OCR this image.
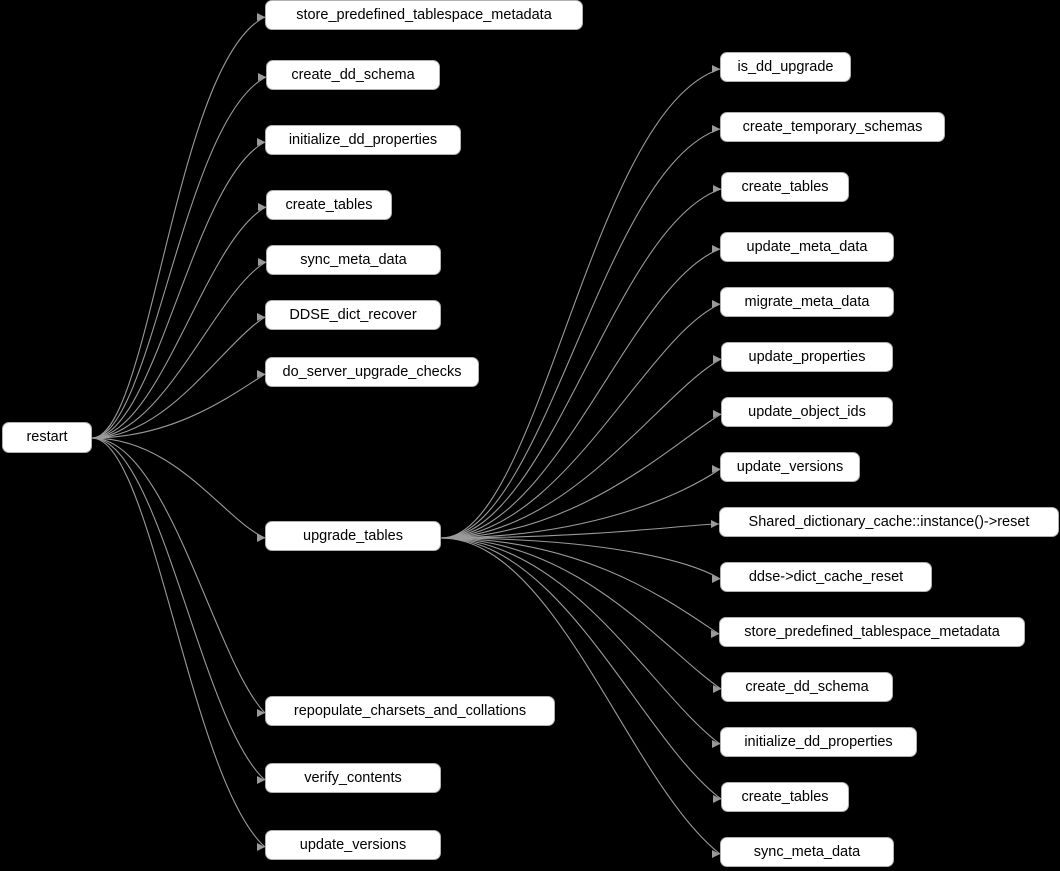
restart
store_predefined_tablespace_metadata
create_dd_schema
initialize_dd_properties
create_tables
sync_meta_data
DDSE_dict_recover
do_server_upgrade_checks
upgrade_tables
repopulate_charsets_and_collations
verify_contents
update_versions
is_dd_upgrade
create_temporary_schemas
create_tables
update_meta_data
migrate_meta_data
update_properties
update_object_ids
update_versions
Shared_dictionary_cache::instance()->reset
ddse->dict_cache_reset
store_predefined_tablespace_metadata
create_dd_schema
initialize_dd_properties
create_tables
sync_meta_data
